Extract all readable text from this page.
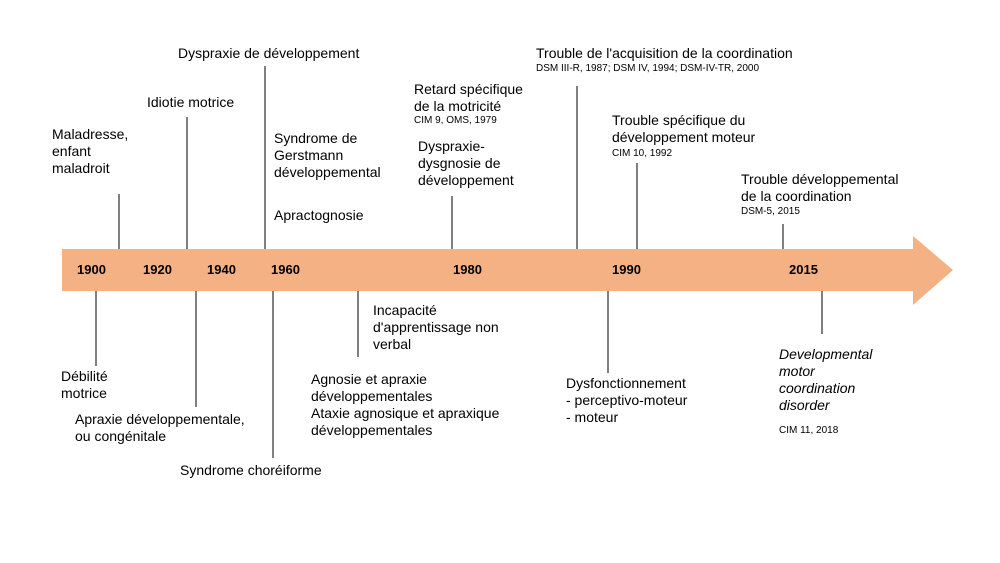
1900	1920	1940	1960	1980	1990	2015
Maladresse,
enfant
maladroit
Idiotie motrice
Dyspraxie de développement
Syndrome de
Gerstmann
développemental
Apractognosie
Retard spécifique
de la motricité
CIM 9, OMS, 1979
Dyspraxie-
dysgnosie de
développement
Trouble de l'acquisition de la coordination
DSM III-R, 1987; DSM IV, 1994; DSM-IV-TR, 2000
Trouble spécifique du
développement moteur
CIM 10, 1992
Trouble développemental
de la coordination
DSM-5, 2015
Débilité
motrice
Apraxie développementale,
ou congénitale
Syndrome choréiforme
Incapacité
d'apprentissage non
verbal
Agnosie et apraxie
développementales
Ataxie agnosique et apraxique
développementales
Dysfonctionnement
- perceptivo-moteur
- moteur
Developmental
motor
coordination
disorder
CIM 11, 2018
